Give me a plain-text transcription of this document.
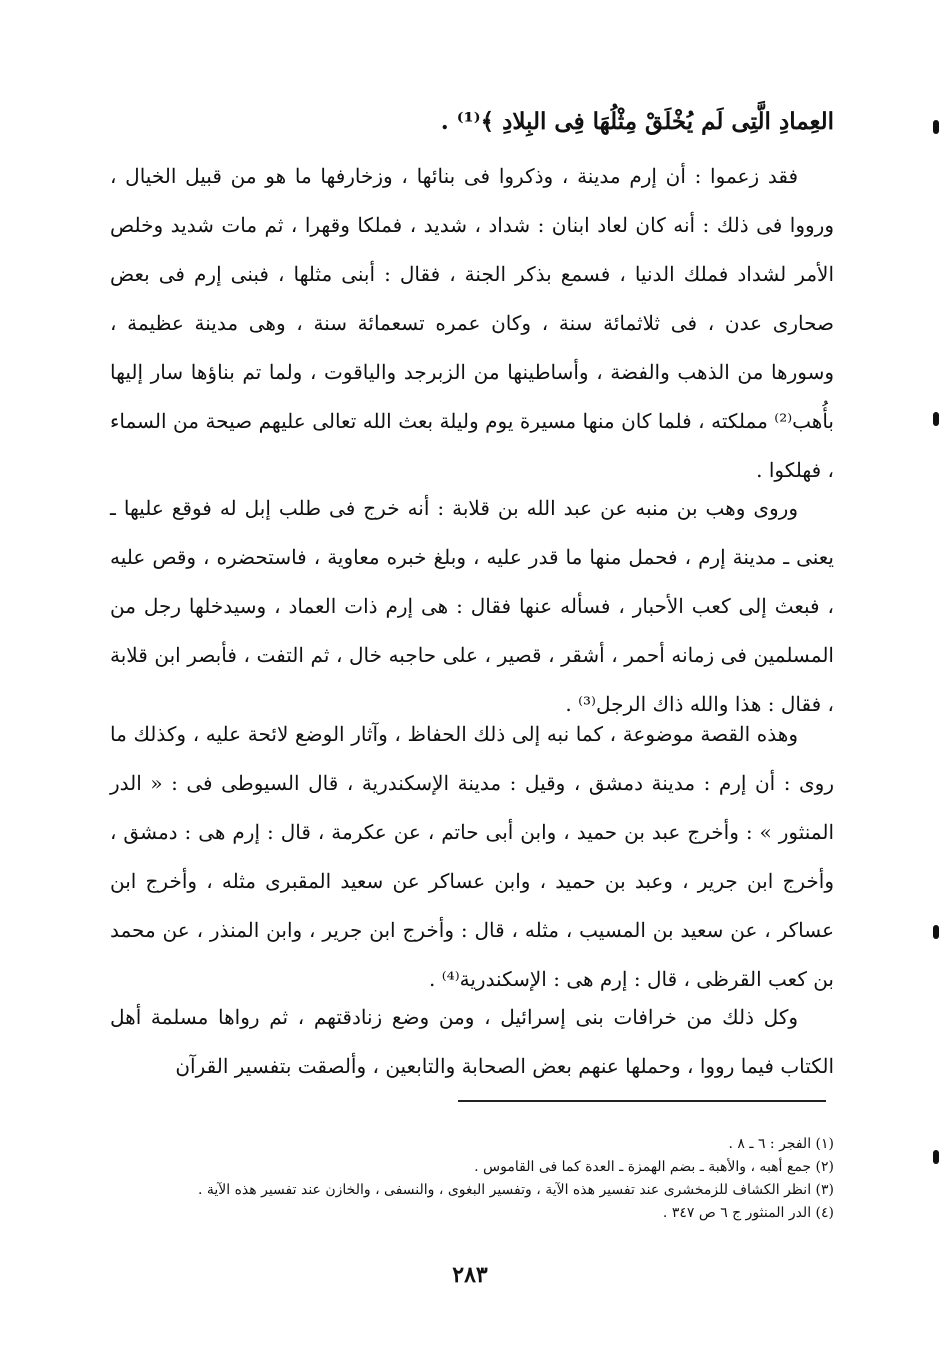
العِمادِ الَّتِى لَم يُخْلَقْ مِثْلُهَا فِى البِلادِ ﴾⁽¹⁾ .

فقد زعموا : أن إرم مدينة ، وذكروا فى بنائها ، وزخارفها ما هو من قبيل الخيال ، ورووا فى ذلك : أنه كان لعاد ابنان : شداد ، شديد ، فملكا وقهرا ، ثم مات شديد وخلص الأمر لشداد فملك الدنيا ، فسمع بذكر الجنة ، فقال : أبنى مثلها ، فبنى إرم فى بعض صحارى عدن ، فى ثلاثمائة سنة ، وكان عمره تسعمائة سنة ، وهى مدينة عظيمة ، وسورها من الذهب والفضة ، وأساطينها من الزبرجد والياقوت ، ولما تم بناؤها سار إليها بأُهب⁽²⁾ مملكته ، فلما كان منها مسيرة يوم وليلة بعث الله تعالى عليهم صيحة من السماء ، فهلكوا .

وروى وهب بن منبه عن عبد الله بن قلابة : أنه خرج فى طلب إبل له فوقع عليها ـ يعنى ـ مدينة إرم ، فحمل منها ما قدر عليه ، وبلغ خبره معاوية ، فاستحضره ، وقص عليه ، فبعث إلى كعب الأحبار ، فسأله عنها فقال : هى إرم ذات العماد ، وسيدخلها رجل من المسلمين فى زمانه أحمر ، أشقر ، قصير ، على حاجبه خال ، ثم التفت ، فأبصر ابن قلابة ، فقال : هذا والله ذاك الرجل⁽³⁾ .

وهذه القصة موضوعة ، كما نبه إلى ذلك الحفاظ ، وآثار الوضع لائحة عليه ، وكذلك ما روى : أن إرم : مدينة دمشق ، وقيل : مدينة الإسكندرية ، قال السيوطى فى : « الدر المنثور » : وأخرج عبد بن حميد ، وابن أبى حاتم ، عن عكرمة ، قال : إرم هى : دمشق ، وأخرج ابن جرير ، وعبد بن حميد ، وابن عساكر عن سعيد المقبرى مثله ، وأخرج ابن عساكر ، عن سعيد بن المسيب ، مثله ، قال : وأخرج ابن جرير ، وابن المنذر ، عن محمد بن كعب القرظى ، قال : إرم هى : الإسكندرية⁽⁴⁾ .

وكل ذلك من خرافات بنى إسرائيل ، ومن وضع زنادقتهم ، ثم رواها مسلمة أهل الكتاب فيما رووا ، وحملها عنهم بعض الصحابة والتابعين ، وألصقت بتفسير القرآن

(١) الفجر : ٦ ـ ٨ .

(٢) جمع أهبه ، والأهبة ـ بضم الهمزة ـ العدة كما فى القاموس .

(٣) انظر الكشاف للزمخشرى عند تفسير هذه الآية ، وتفسير البغوى ، والنسفى ، والخازن عند تفسير هذه الآية .

(٤) الدر المنثور ج ٦ ص ٣٤٧ .

٢٨٣
